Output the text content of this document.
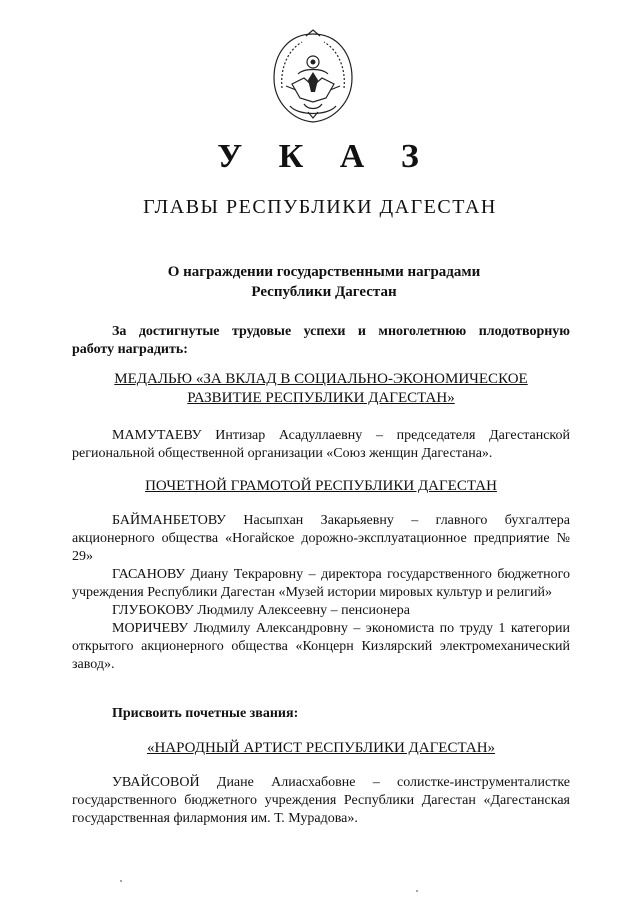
У К А З
ГЛАВЫ РЕСПУБЛИКИ ДАГЕСТАН
О награждении государственными наградами
Республики Дагестан
За достигнутые трудовые успехи и многолетнюю плодотворную
работу наградить:
МЕДАЛЬЮ «ЗА ВКЛАД В СОЦИАЛЬНО-ЭКОНОМИЧЕСКОЕ
РАЗВИТИЕ РЕСПУБЛИКИ ДАГЕСТАН»
МАМУТАЕВУ Интизар Асадуллаевну – председателя Дагестанской региональной общественной организации «Союз женщин Дагестана».
ПОЧЕТНОЙ ГРАМОТОЙ РЕСПУБЛИКИ ДАГЕСТАН
БАЙМАНБЕТОВУ Насыпхан Закарьяевну – главного бухгалтера акционерного общества «Ногайское дорожно-эксплуатационное предприятие № 29»
ГАСАНОВУ Диану Текраровну – директора государственного бюджетного учреждения Республики Дагестан «Музей истории мировых культур и религий»
ГЛУБОКОВУ Людмилу Алексеевну – пенсионера
МОРИЧЕВУ Людмилу Александровну – экономиста по труду 1 категории открытого акционерного общества «Концерн Кизлярский электромеханический завод».
Присвоить почетные звания:
«НАРОДНЫЙ АРТИСТ РЕСПУБЛИКИ ДАГЕСТАН»
УВАЙСОВОЙ Диане Алиасхабовне – солистке-инструменталистке государственного бюджетного учреждения Республики Дагестан «Дагестанская государственная филармония им. Т. Мурадова».
